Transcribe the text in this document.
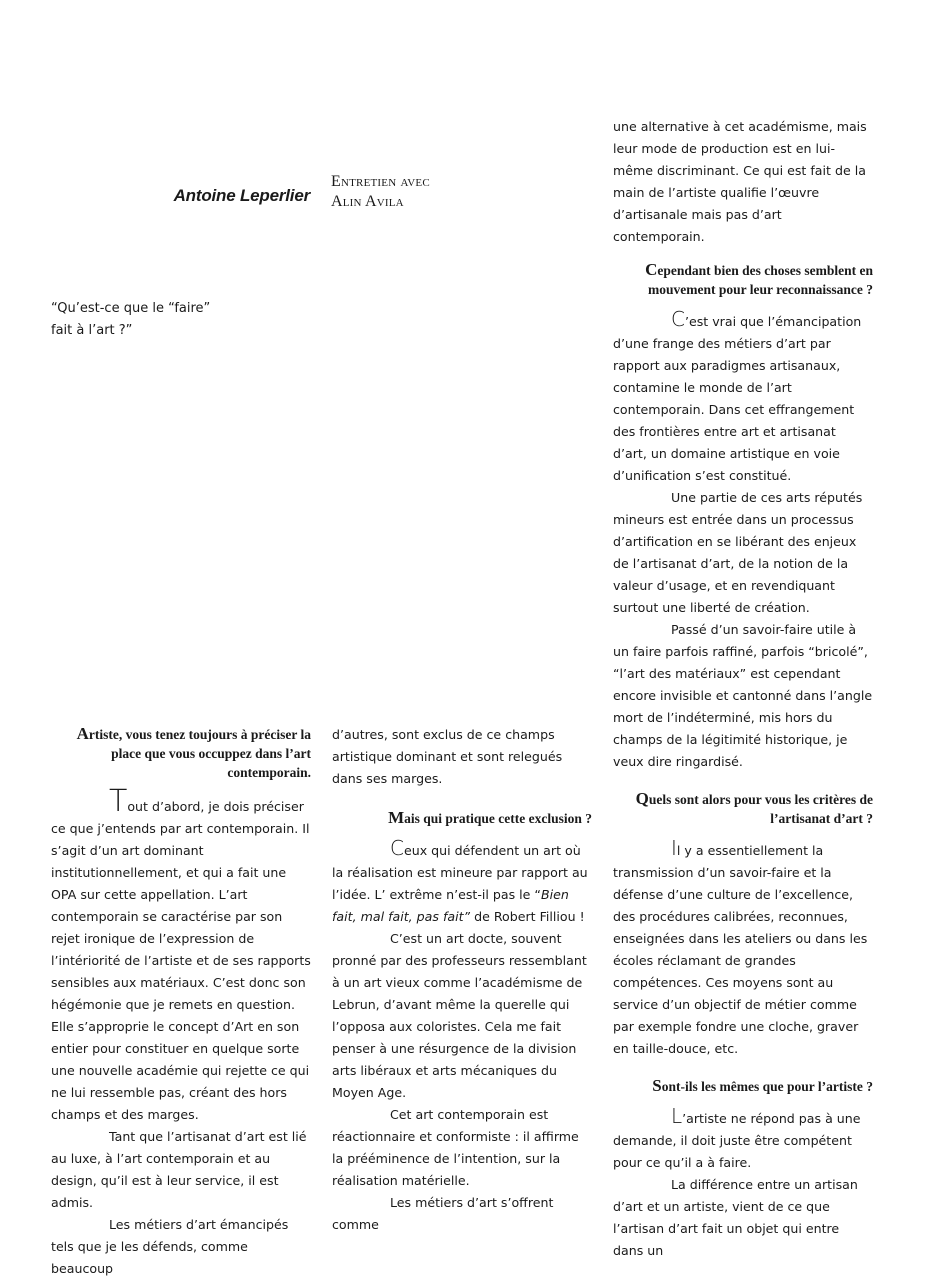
Antoine Leperlier
Entretien avec
Alin Avila
“Qu’est-ce que le “faire”
fait à l’art ?”

Artiste, vous tenez toujours à préciser la place que vous occuppez dans l’art contemporain.

Tout d’abord, je dois préciser ce que j’entends par art contemporain. Il s’agit d’un art dominant institutionnellement, et qui a fait une OPA sur cette appellation. L’art contemporain se caractérise par son rejet ironique de l’expression de l’intériorité de l’artiste et de ses rapports sensibles aux matériaux. C’est donc son hégémonie que je remets en question. Elle s’approprie le concept d’Art en son entier pour constituer en quelque sorte une nouvelle académie qui rejette ce qui ne lui ressemble pas, créant des hors champs et des marges.

Tant que l’artisanat d’art est lié au luxe, à l’art contemporain et au design, qu’il est à leur service, il est admis.

Les métiers d’art émancipés tels que je les défends, comme beaucoup

d’autres, sont exclus de ce champs artistique dominant et sont relegués dans ses marges.

Mais qui pratique cette exclusion ?

Ceux qui défendent un art où la réalisation est mineure par rapport au l’idée. L’ extrême n’est-il pas le “Bien fait, mal fait, pas fait” de Robert Filliou !

C’est un art docte, souvent pronné par des professeurs ressemblant à un art vieux comme l’académisme de Lebrun, d’avant même la querelle qui l’opposa aux coloristes. Cela me fait penser à une résurgence de la division arts libéraux et arts mécaniques du Moyen Age.

Cet art contemporain est réactionnaire et conformiste : il affirme la prééminence de l’intention, sur la réalisation matérielle.

Les métiers d’art s’offrent comme

une alternative à cet académisme, mais leur mode de production est en lui-même discriminant. Ce qui est fait de la main de l’artiste qualifie l’œuvre d’artisanale mais pas d’art contemporain.

Cependant bien des choses semblent en mouvement pour leur reconnaissance ?

C’est vrai que l’émancipation d’une frange des métiers d’art par rapport aux paradigmes artisanaux, contamine le monde de l’art contemporain. Dans cet effrangement des frontières entre art et artisanat d’art, un domaine artistique en voie d’unification s’est constitué.

Une partie de ces arts réputés mineurs est entrée dans un processus d’artification en se libérant des enjeux de l’artisanat d’art, de la notion de la valeur d’usage, et en revendiquant surtout une liberté de création.

Passé d’un savoir-faire utile à un faire parfois raffiné, parfois “bricolé”, “l’art des matériaux” est cependant encore invisible et cantonné dans l’angle mort de l’indéterminé, mis hors du champs de la légitimité historique, je veux dire ringardisé.

Quels sont alors pour vous les critères de l’artisanat d’art ?

Il y a essentiellement la transmission d’un savoir-faire et la défense d’une culture de l’excellence, des procédures calibrées, reconnues, enseignées dans les ateliers ou dans les écoles réclamant de grandes compétences. Ces moyens sont au service d’un objectif de métier comme par exemple fondre une cloche, graver en taille-douce, etc.

Sont-ils les mêmes que pour l’artiste ?

L’artiste ne répond pas à une demande, il doit juste être compétent pour ce qu’il a à faire.

La différence entre un artisan d’art et un artiste, vient de ce que l’artisan d’art fait un objet qui entre dans un
